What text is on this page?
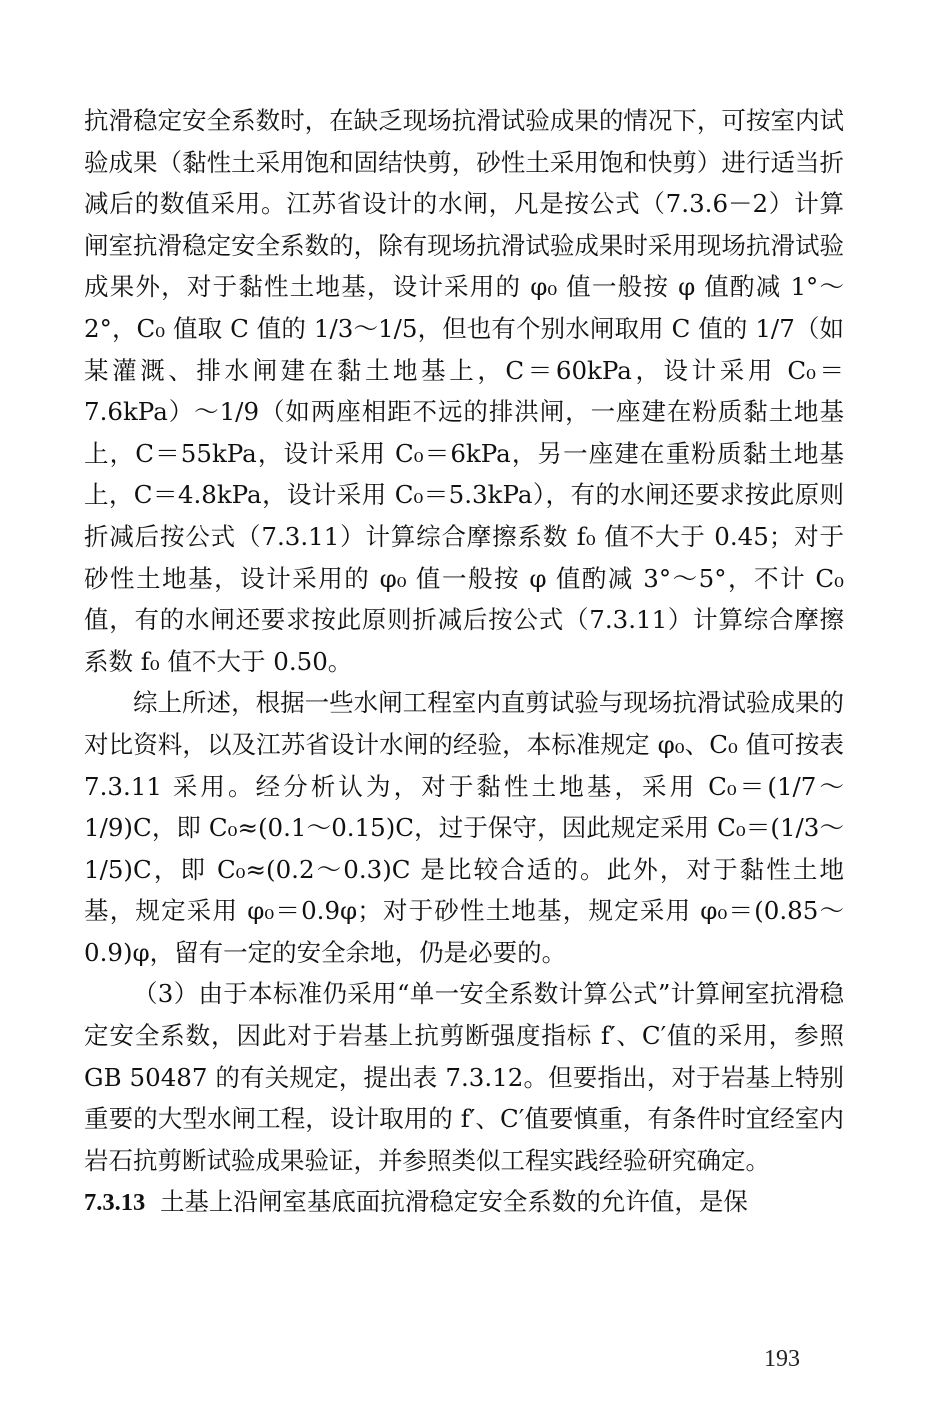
抗滑稳定安全系数时，在缺乏现场抗滑试验成果的情况下，可按室内试验成果（黏性土采用饱和固结快剪，砂性土采用饱和快剪）进行适当折减后的数值采用。江苏省设计的水闸，凡是按公式（7.3.6－2）计算闸室抗滑稳定安全系数的，除有现场抗滑试验成果时采用现场抗滑试验成果外，对于黏性土地基，设计采用的 φ₀ 值一般按 φ 值酌减 1°～2°，C₀ 值取 C 值的 1/3～1/5，但也有个别水闸取用 C 值的 1/7（如某灌溉、排水闸建在黏土地基上，C＝60kPa，设计采用 C₀＝7.6kPa）～1/9（如两座相距不远的排洪闸，一座建在粉质黏土地基上，C＝55kPa，设计采用 C₀＝6kPa，另一座建在重粉质黏土地基上，C＝4.8kPa，设计采用 C₀＝5.3kPa），有的水闸还要求按此原则折减后按公式（7.3.11）计算综合摩擦系数 f₀ 值不大于 0.45；对于砂性土地基，设计采用的 φ₀ 值一般按 φ 值酌减 3°～5°，不计 C₀ 值，有的水闸还要求按此原则折减后按公式（7.3.11）计算综合摩擦系数 f₀ 值不大于 0.50。

综上所述，根据一些水闸工程室内直剪试验与现场抗滑试验成果的对比资料，以及江苏省设计水闸的经验，本标准规定 φ₀、C₀ 值可按表 7.3.11 采用。经分析认为，对于黏性土地基，采用 C₀＝(1/7～1/9)C，即 C₀≈(0.1～0.15)C，过于保守，因此规定采用 C₀＝(1/3～1/5)C，即 C₀≈(0.2～0.3)C 是比较合适的。此外，对于黏性土地基，规定采用 φ₀＝0.9φ；对于砂性土地基，规定采用 φ₀＝(0.85～0.9)φ，留有一定的安全余地，仍是必要的。

（3）由于本标准仍采用“单一安全系数计算公式”计算闸室抗滑稳定安全系数，因此对于岩基上抗剪断强度指标 f′、C′值的采用，参照 GB 50487 的有关规定，提出表 7.3.12。但要指出，对于岩基上特别重要的大型水闸工程，设计取用的 f′、C′值要慎重，有条件时宜经室内岩石抗剪断试验成果验证，并参照类似工程实践经验研究确定。

7.3.13 土基上沿闸室基底面抗滑稳定安全系数的允许值，是保

193
